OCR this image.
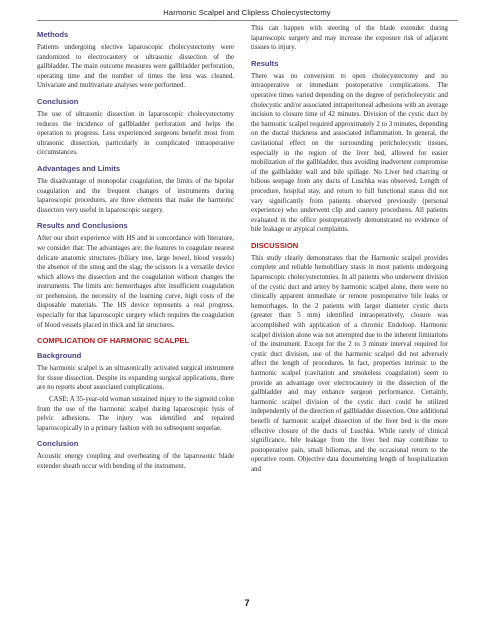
Harmonic Scalpel and Clipless Cholecystectomy
Methods

Patients undergoing elective laparoscopic cholecystectomy were randomized to electrocautery or ultrasonic dissection of the gallbladder. The main outcome measures were gallbladder perforation, operating time and the number of times the lens was cleaned. Univariate and multivariate analyses were performed.

Conclusion

The use of ultrasonic dissection in laparoscopic cholecystectomy reduces the incidence of gallbladder perforation and helps the operation to progress. Less experienced surgeons benefit most from ultrasonic dissection, particularly in complicated intraoperative circumstances.

Advantages and Limits

The disadvantage of monopolar coagulation, the limits of the bipolar coagulation and the frequent changes of instruments during laparoscopic procedures, are three elements that make the harmonic dissectors very useful in laparoscopic surgery.

Results and Conclusions

After our short experience with HS and in concordance with literature, we consider that: The advantages are: the features to coagulate nearest delicate anatomic structures (biliary tree, large bowel, blood vessels) the absence of the smog and the slag; the scissors is a versatile device which allows the dissection and the coagulation without changes the instruments. The limits are: hemorrhages after insufficient coagulation or prehension, the necessity of the learning curve, high costs of the disposable materials. The HS device represents a real progress, especially for that laparoscopic surgery which requires the coagulation of blood vessels placed in thick and fat structures.

COMPLICATION OF HARMONIC SCALPEL
Background

The harmonic scalpel is an ultrasonically activated surgical instrument for tissue dissection. Despite its expanding surgical applications, there are no reports about associated complications.

CASE: A 35-year-old woman sustained injury to the sigmoid colon from the use of the harmonic scalpel during laparoscopic lysis of pelvic adhesions. The injury was identified and repaired laparoscopically in a primary fashion with no subsequent sequelae.

Conclusion

Acoustic energy coupling and overheating of the laparosonic blade extender sheath occur with bending of the instrument.

This can happen with steering of the blade extender during laparoscopic surgery and may increase the exposure risk of adjacent tissues to injury.

Results

There was no conversion to open cholecystectomy and no intraoperative or immediate postoperative complications. The operative times varied depending on the degree of pericholecystic and cholecystic and/or associated intraperitoneal adhesions with an average incision to closure time of 42 minutes. Division of the cystic duct by the harmonic scalpel required approximately 2 to 3 minutes, depending on the ductal thickness and associated inflammation. In general, the cavitational effect on the surrounding pericholecystic tissues, especially in the region of the liver bed, allowed for easier mobilization of the gallbladder, thus avoiding inadvertent compromise of the gallbladder wall and bile spillage. No Liver bed charring or bilious seepage from any ducts of Luschka was observed. Length of procedure, hospital stay, and return to full functional status did not vary significantly from patients observed previously (personal experience) who underwent clip and cautery procedures. All patients evaluated in the office postoperatively demonstrated no evidence of bile leakage or atypical complaints.

DISCUSSION

This study clearly demonstrates that the Harmonic scalpel provides complete and reliable hemobiliary stasis in most patients undergoing laparoscopic cholecystectomies. In all patients who underwent division of the cystic duct and artery by harmonic scalpel alone, there were no clinically apparent immediate or remote postoperative bile leaks or hemorrhages. In the 2 patients with larger diameter cystic ducts (greater than 5 mm) identified intraoperatively, closure was accomplished with application of a chromic Endoloop. Harmonic scalpel division alone was not attempted due to the inherent limitations of the instrument. Except for the 2 to 3 minute interval required for cystic duct division, use of the harmonic scalpel did not adversely affect the length of procedures. In fact, properties intrinsic to the harmonic scalpel (cavitation and smokeless coagulation) seem to provide an advantage over electrocautery in the dissection of the gallbladder and may enhance surgeon performance. Certainly, harmonic scalpel division of the cystic duct could be utilized independently of the direction of gallbladder dissection. One additional benefit of harmonic scalpel dissection of the liver bed is the more effective closure of the ducts of Luschka. While rarely of clinical significance, bile leakage from the liver bed may contribute to postoperative pain, small biliomas, and the occasional return to the operative room. Objective data documenting length of hospitalization and

7
